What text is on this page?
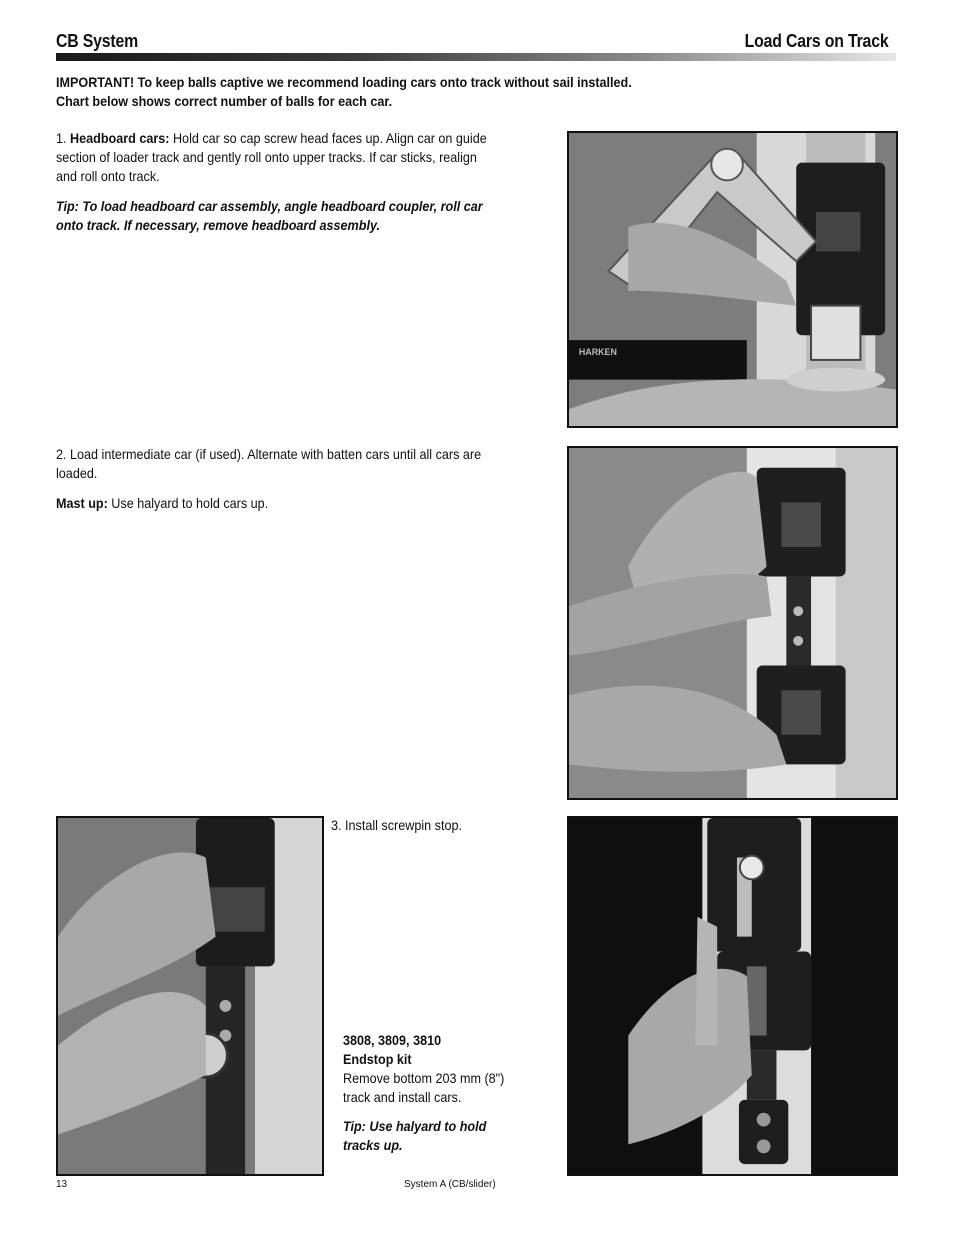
CB System	Load Cars on Track
IMPORTANT! To keep balls captive we recommend loading cars onto track without sail installed.
Chart below shows correct number of balls for each car.
1. Headboard cars: Hold car so cap screw head faces up. Align car on guide
section of loader track and gently roll onto upper tracks. If car sticks, realign
and roll onto track.
Tip: To load headboard car assembly, angle headboard coupler, roll car
onto track. If necessary, remove headboard assembly.
HARKEN
2. Load intermediate car (if used). Alternate with batten cars until all cars are
loaded.
Mast up: Use halyard to hold cars up.
3. Install screwpin stop.
3808, 3809, 3810
Endstop kit
Remove bottom 203 mm (8")
track and install cars.
Tip: Use halyard to hold
tracks up.
13	System A (CB/slider)
